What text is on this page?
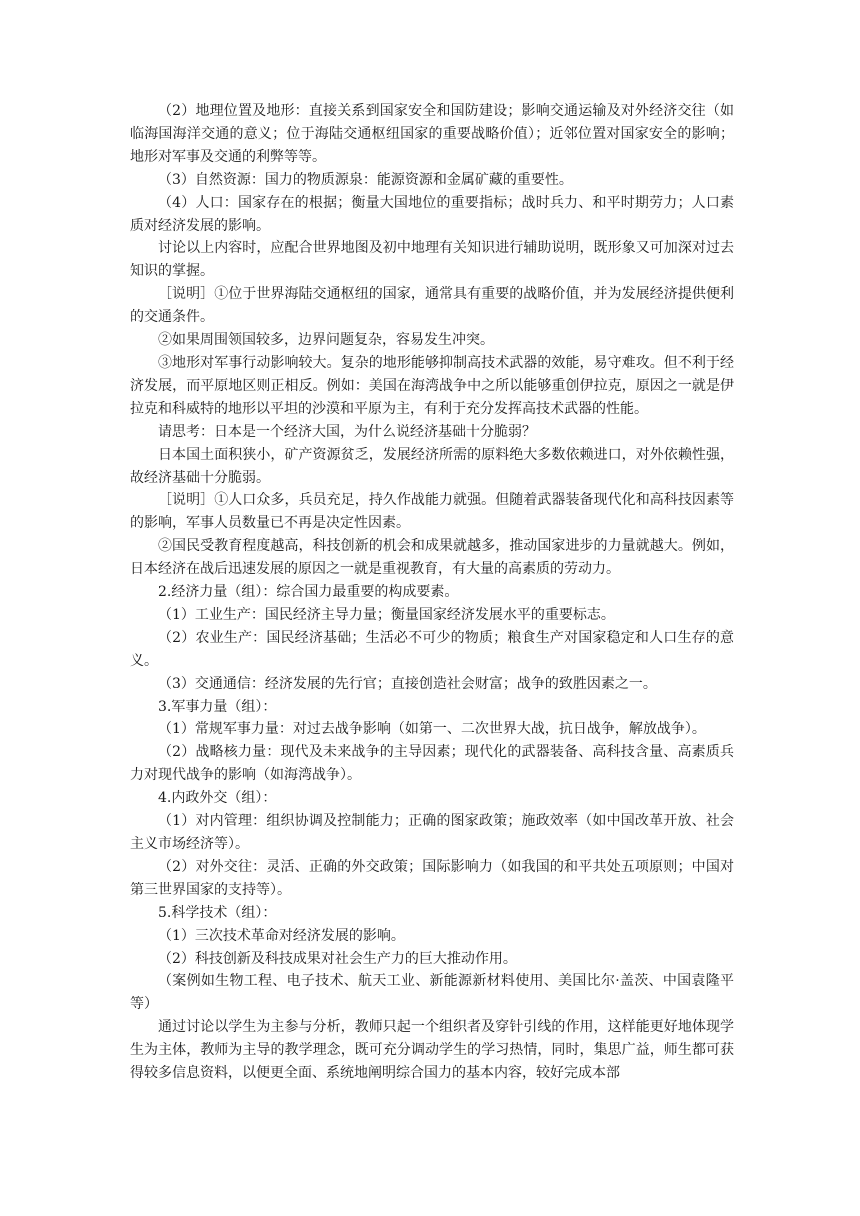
（2）地理位置及地形：直接关系到国家安全和国防建设；影响交通运输及对外经济交往（如临海国海洋交通的意义；位于海陆交通枢纽国家的重要战略价值）；近邻位置对国家安全的影响；地形对军事及交通的利弊等等。

（3）自然资源：国力的物质源泉：能源资源和金属矿藏的重要性。

（4）人口：国家存在的根据；衡量大国地位的重要指标；战时兵力、和平时期劳力；人口素质对经济发展的影响。

讨论以上内容时，应配合世界地图及初中地理有关知识进行辅助说明，既形象又可加深对过去知识的掌握。

［说明］①位于世界海陆交通枢纽的国家，通常具有重要的战略价值，并为发展经济提供便利的交通条件。

②如果周围领国较多，边界问题复杂，容易发生冲突。

③地形对军事行动影响较大。复杂的地形能够抑制高技术武器的效能，易守难攻。但不利于经济发展，而平原地区则正相反。例如：美国在海湾战争中之所以能够重创伊拉克，原因之一就是伊拉克和科威特的地形以平坦的沙漠和平原为主，有利于充分发挥高技术武器的性能。

请思考：日本是一个经济大国，为什么说经济基础十分脆弱？

日本国土面积狭小，矿产资源贫乏，发展经济所需的原料绝大多数依赖进口，对外依赖性强，故经济基础十分脆弱。

［说明］①人口众多，兵员充足，持久作战能力就强。但随着武器装备现代化和高科技因素等的影响，军事人员数量已不再是决定性因素。

②国民受教育程度越高，科技创新的机会和成果就越多，推动国家进步的力量就越大。例如，日本经济在战后迅速发展的原因之一就是重视教育，有大量的高素质的劳动力。

2.经济力量（组）：综合国力最重要的构成要素。

（1）工业生产：国民经济主导力量；衡量国家经济发展水平的重要标志。

（2）农业生产：国民经济基础；生活必不可少的物质；粮食生产对国家稳定和人口生存的意义。

（3）交通通信：经济发展的先行官；直接创造社会财富；战争的致胜因素之一。

3.军事力量（组）：

（1）常规军事力量：对过去战争影响（如第一、二次世界大战，抗日战争，解放战争）。

（2）战略核力量：现代及未来战争的主导因素；现代化的武器装备、高科技含量、高素质兵力对现代战争的影响（如海湾战争）。

4.内政外交（组）：

（1）对内管理：组织协调及控制能力；正确的图家政策；施政效率（如中国改革开放、社会主义市场经济等）。

（2）对外交往：灵活、正确的外交政策；国际影响力（如我国的和平共处五项原则；中国对第三世界国家的支持等）。

5.科学技术（组）：

（1）三次技术革命对经济发展的影响。

（2）科技创新及科技成果对社会生产力的巨大推动作用。

（案例如生物工程、电子技术、航天工业、新能源新材料使用、美国比尔·盖茨、中国袁隆平等）

通过讨论以学生为主参与分析，教师只起一个组织者及穿针引线的作用，这样能更好地体现学生为主体，教师为主导的教学理念，既可充分调动学生的学习热情，同时，集思广益，师生都可获得较多信息资料，以便更全面、系统地阐明综合国力的基本内容，较好完成本部
